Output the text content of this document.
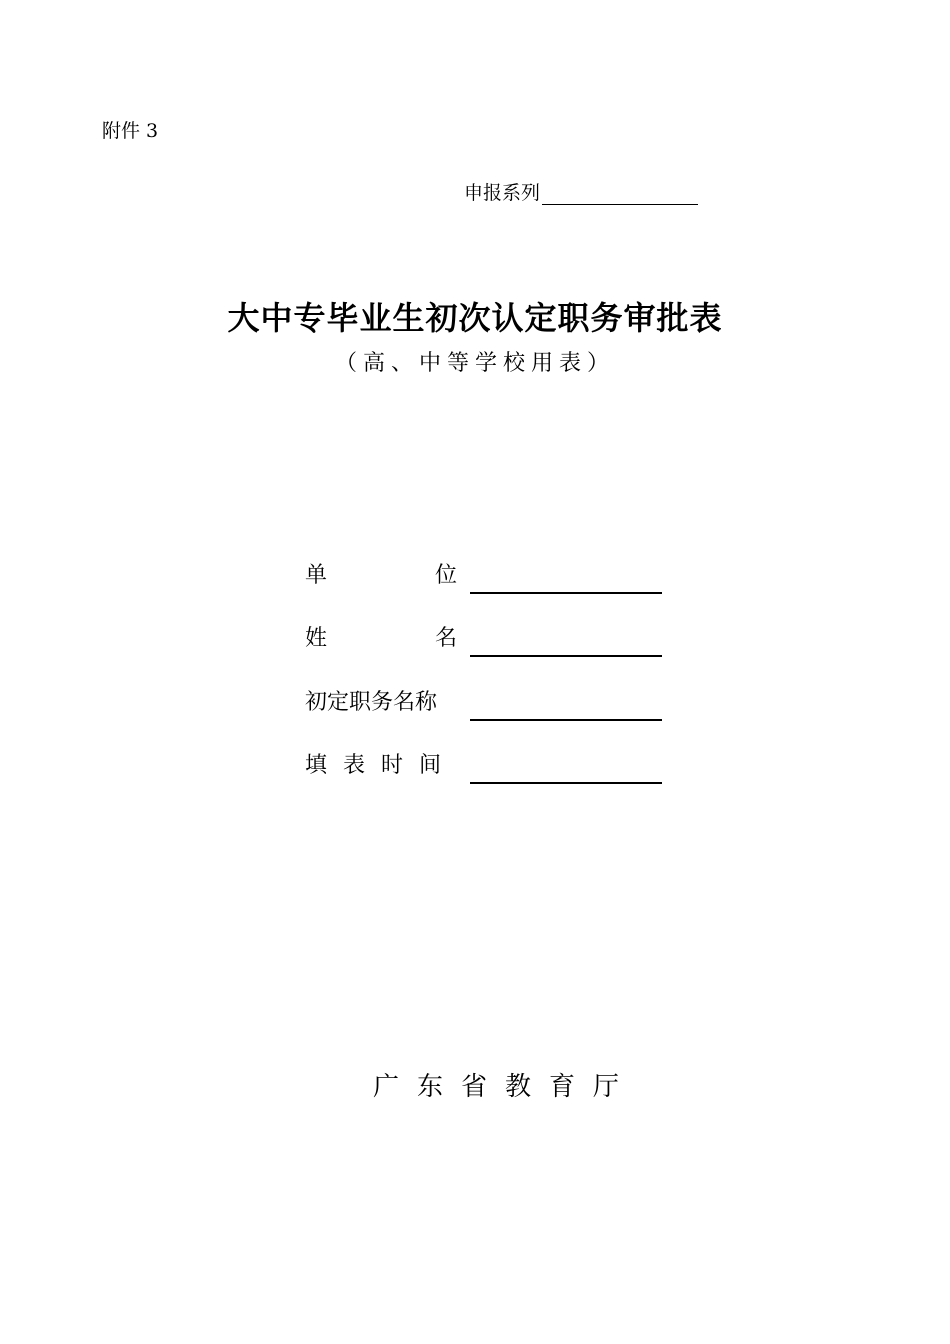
附件 3
申报系列
大中专毕业生初次认定职务审批表
（高、中等学校用表）
单	位
姓	名
初定职务名称
填 表 时 间
广 东 省 教 育 厅
